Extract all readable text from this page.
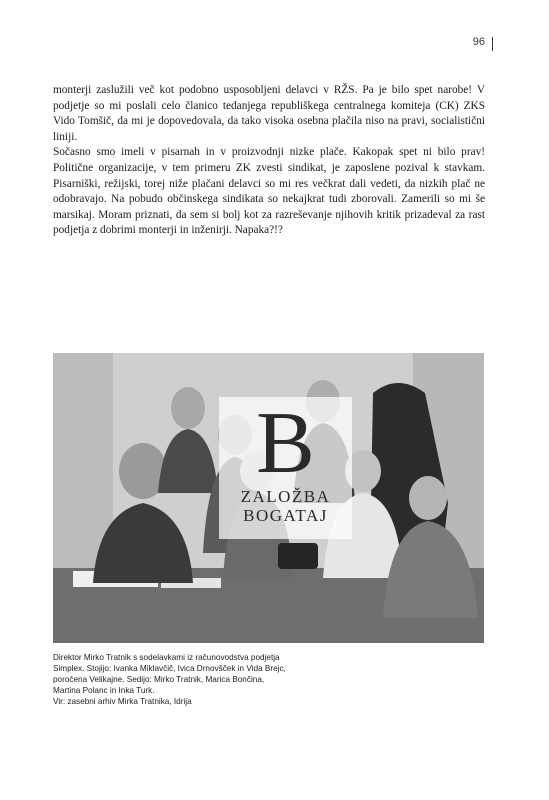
96

monterji zaslužili več kot podobno usposobljeni delavci v RŽS. Pa je bilo spet narobe! V podjetje so mi poslali celo članico tedanjega republiškega centralnega komiteja (CK) ZKS Vido Tomšič, da mi je dopovedovala, da tako visoka osebna plačila niso na pravi, socialistični liniji.

Sočasno smo imeli v pisarnah in v proizvodnji nizke plače. Kakopak spet ni bilo prav! Politične organizacije, v tem primeru ZK zvesti sindikat, je zaposlene pozival k stavkam. Pisarniški, režijski, torej niže plačani delavci so mi res večkrat dali vedeti, da nizkih plač ne odobravajo. Na pobudo občinskega sindikata so nekajkrat tudi zborovali. Zamerili so mi še marsikaj. Moram priznati, da sem si bolj kot za razreševanje njihovih kritik prizadeval za rast podjetja z dobrimi monterji in inženirji. Napaka?!?

B
ZALOŽBA
BOGATAJ

Direktor Mirko Tratnik s sodelavkami iz računovodstva podjetja

Simplex. Stojijo: Ivanka Miklavčič, Ivica Drnovšček in Vida Brejc,

poročena Velikajne. Sedijo: Mirko Tratnik, Marica Bončina,

Martina Polanc in Inka Turk.

Vir: zasebni arhiv Mirka Tratnika, Idrija
